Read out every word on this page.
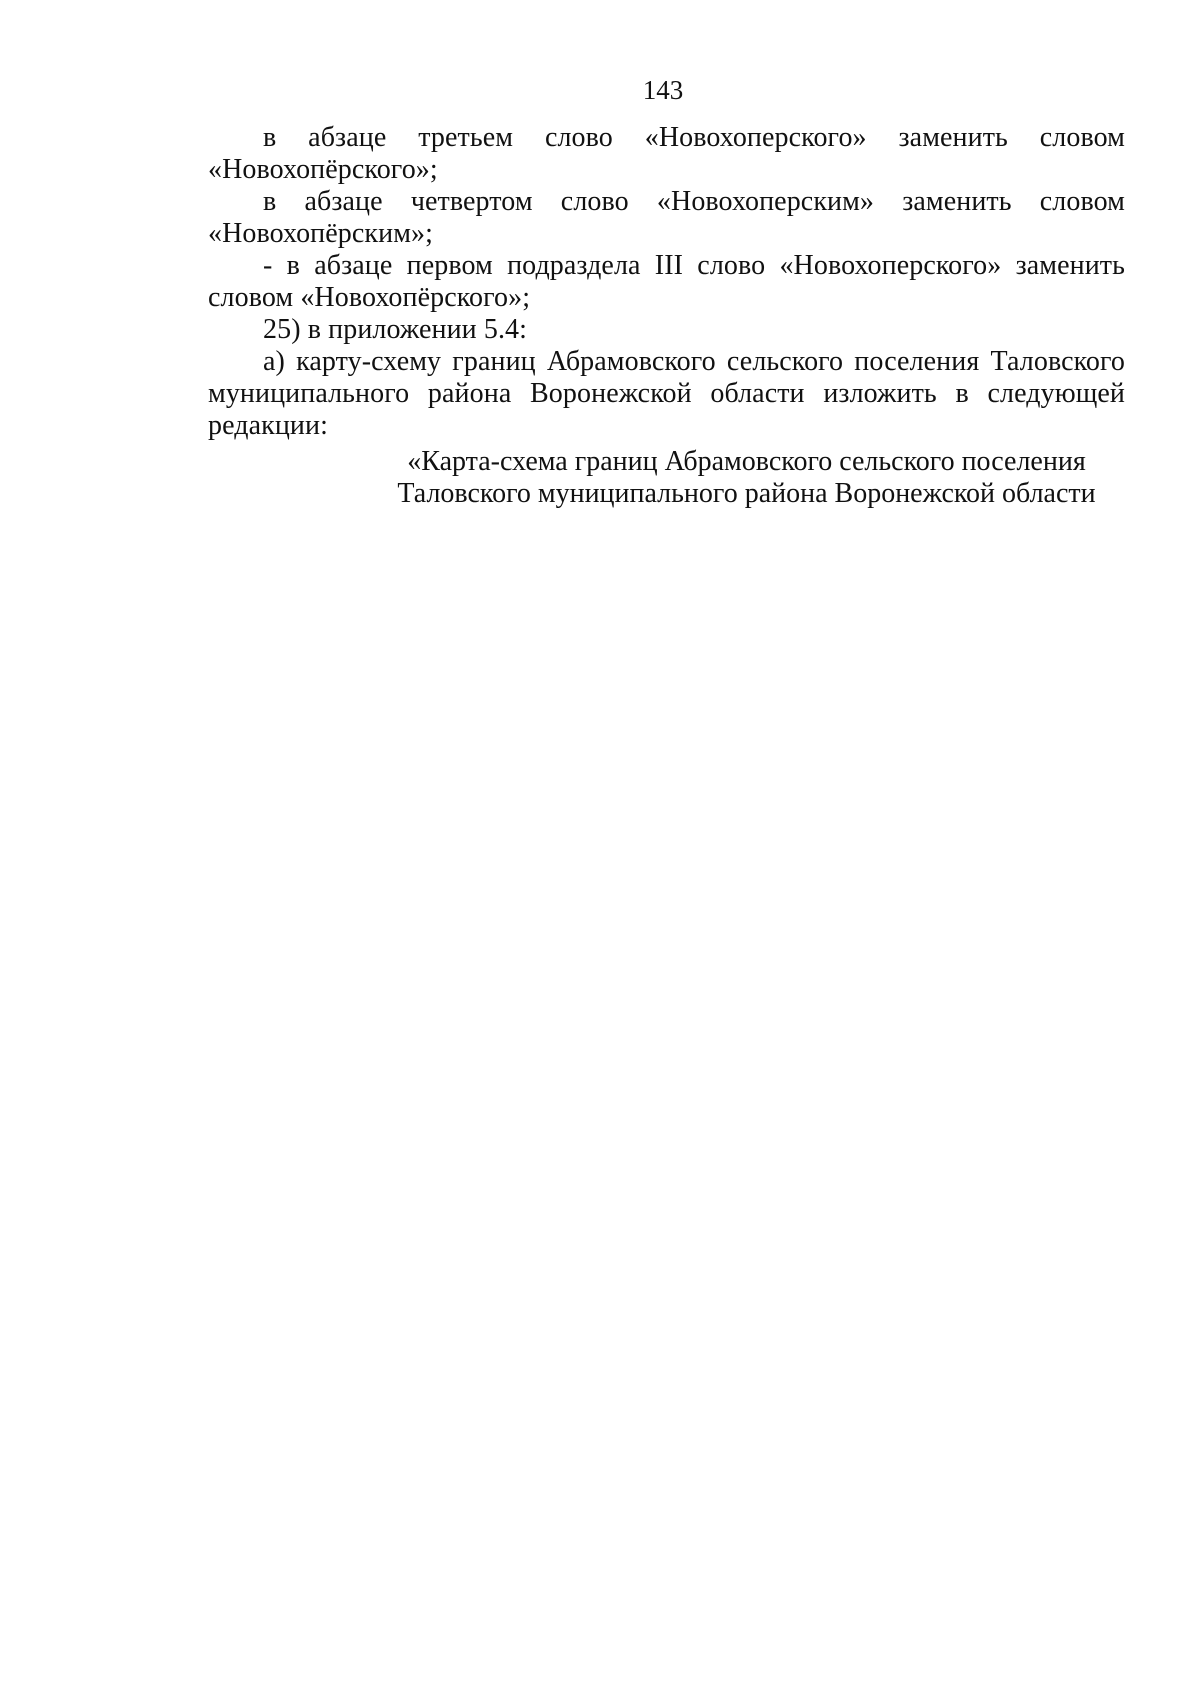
143

в абзаце третьем слово «Новохоперского» заменить словом «Новохопёрского»;

в абзаце четвертом слово «Новохоперским» заменить словом «Новохопёрским»;

- в абзаце первом подраздела III слово «Новохоперского» заменить словом «Новохопёрского»;

25) в приложении 5.4:

а) карту-схему границ Абрамовского сельского поселения Таловского муниципального района Воронежской области изложить в следующей редакции:

«Карта-схема границ Абрамовского сельского поселения
Таловского муниципального района Воронежской области
